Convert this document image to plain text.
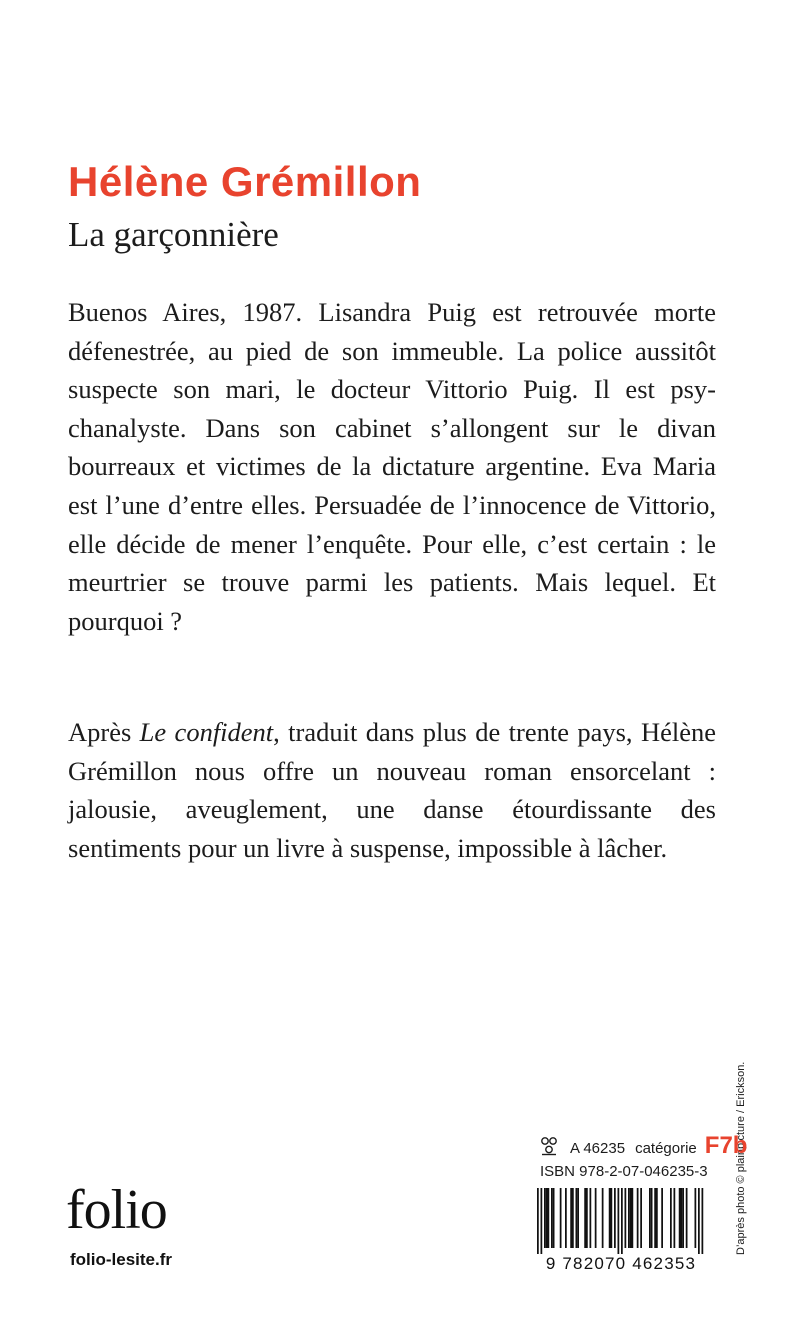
Hélène Grémillon
La garçonnière

Buenos Aires, 1987. Lisandra Puig est retrouvée morte défenestrée, au pied de son immeuble. La police aussitôt suspecte son mari, le docteur Vittorio Puig. Il est psychanalyste. Dans son cabinet s’allongent sur le divan bourreaux et victimes de la dictature argentine. Eva Maria est l’une d’entre elles. Persuadée de l’innocence de Vittorio, elle décide de mener l’enquête. Pour elle, c’est certain : le meurtrier se trouve parmi les patients. Mais lequel. Et pourquoi ?

Après Le confident, traduit dans plus de trente pays, Hélène Grémillon nous offre un nouveau roman ensorcelant : jalousie, aveuglement, une danse étourdissante des sentiments pour un livre à suspense, impossible à lâcher.

D’après photo © plainpicture / Erickson.
folio
folio-lesite.fr
A 46235 catégorie F7b
ISBN 978-2-07-046235-3
9 782070 462353
